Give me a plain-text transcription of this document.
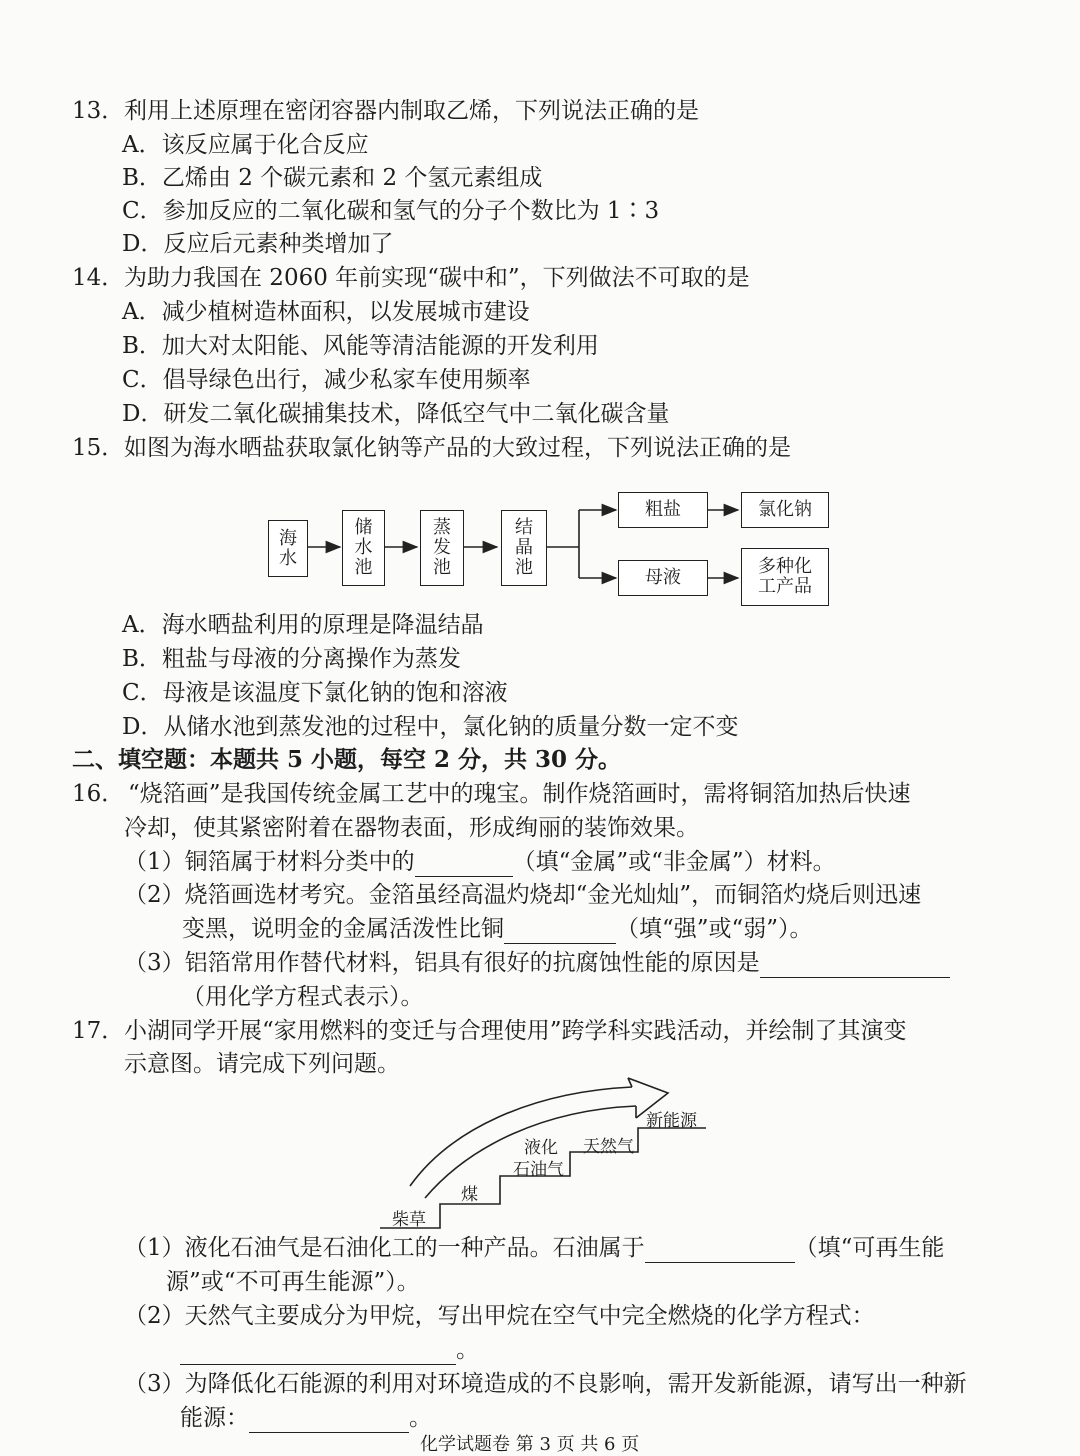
13．利用上述原理在密闭容器内制取乙烯，下列说法正确的是
A．该反应属于化合反应
B．乙烯由 2 个碳元素和 2 个氢元素组成
C．参加反应的二氧化碳和氢气的分子个数比为 1∶3
D．反应后元素种类增加了
14．为助力我国在 2060 年前实现“碳中和”，下列做法不可取的是
A．减少植树造林面积，以发展城市建设
B．加大对太阳能、风能等清洁能源的开发利用
C．倡导绿色出行，减少私家车使用频率
D．研发二氧化碳捕集技术，降低空气中二氧化碳含量
15．如图为海水晒盐获取氯化钠等产品的大致过程，下列说法正确的是
海水
储水池
蒸发池
结晶池
粗盐	氯化钠
母液
多种化工产品
A．海水晒盐利用的原理是降温结晶
B．粗盐与母液的分离操作为蒸发
C．母液是该温度下氯化钠的饱和溶液
D．从储水池到蒸发池的过程中，氯化钠的质量分数一定不变
二、填空题：本题共 5 小题，每空 2 分，共 30 分。
16． “烧箔画”是我国传统金属工艺中的瑰宝。制作烧箔画时，需将铜箔加热后快速
冷却，使其紧密附着在器物表面，形成绚丽的装饰效果。
（1）铜箔属于材料分类中的	（填“金属”或“非金属”）材料。
（2）烧箔画选材考究。金箔虽经高温灼烧却“金光灿灿”，而铜箔灼烧后则迅速
变黑，说明金的金属活泼性比铜	（填“强”或“弱”）。
（3）铝箔常用作替代材料，铝具有很好的抗腐蚀性能的原因是
（用化学方程式表示）。
17．小湖同学开展“家用燃料的变迁与合理使用”跨学科实践活动，并绘制了其演变
示意图。请完成下列问题。
柴草
煤
液化
石油气
天然气
新能源
（1）液化石油气是石油化工的一种产品。石油属于	（填“可再生能
源”或“不可再生能源”）。
（2）天然气主要成分为甲烷，写出甲烷在空气中完全燃烧的化学方程式：
。
（3）为降低化石能源的利用对环境造成的不良影响，需开发新能源，请写出一种新
能源：	。
化学试题卷 第 3 页 共 6 页
